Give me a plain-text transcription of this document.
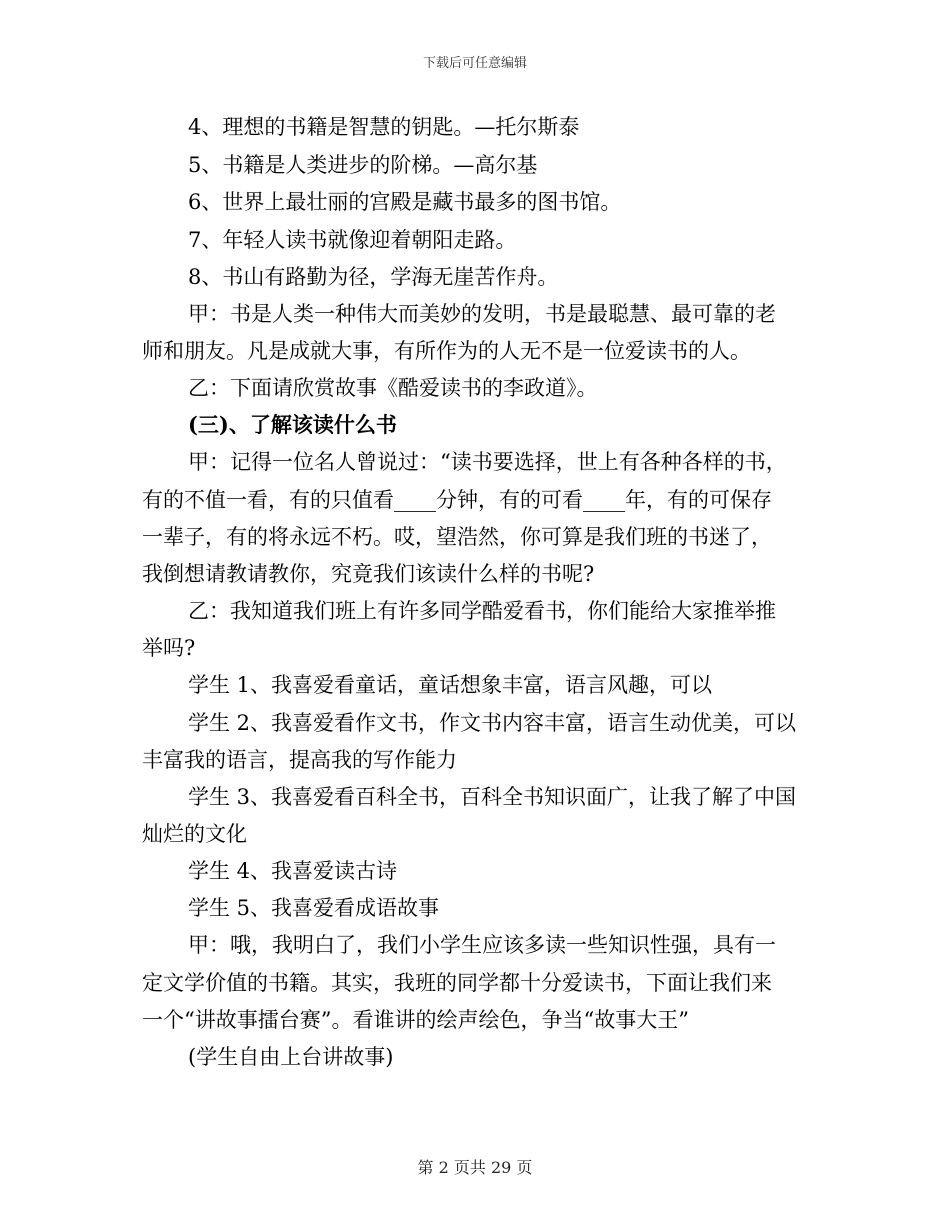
下载后可任意编辑
4、理想的书籍是智慧的钥匙。—托尔斯泰
5、书籍是人类进步的阶梯。—高尔基
6、世界上最壮丽的宫殿是藏书最多的图书馆。
7、年轻人读书就像迎着朝阳走路。
8、书山有路勤为径，学海无崖苦作舟。
甲：书是人类一种伟大而美妙的发明，书是最聪慧、最可靠的老
师和朋友。凡是成就大事，有所作为的人无不是一位爱读书的人。
乙：下面请欣赏故事《酷爱读书的李政道》。
(三)、了解该读什么书
甲：记得一位名人曾说过：“读书要选择，世上有各种各样的书，
有的不值一看，有的只值看____分钟，有的可看____年，有的可保存
一辈子，有的将永远不朽。哎，望浩然，你可算是我们班的书迷了，
我倒想请教请教你，究竟我们该读什么样的书呢?
乙：我知道我们班上有许多同学酷爱看书，你们能给大家推举推
举吗?
学生 1、我喜爱看童话，童话想象丰富，语言风趣，可以
学生 2、我喜爱看作文书，作文书内容丰富，语言生动优美，可以
丰富我的语言，提高我的写作能力
学生 3、我喜爱看百科全书，百科全书知识面广，让我了解了中国
灿烂的文化
学生 4、我喜爱读古诗
学生 5、我喜爱看成语故事
甲：哦，我明白了，我们小学生应该多读一些知识性强，具有一
定文学价值的书籍。其实，我班的同学都十分爱读书，下面让我们来
一个“讲故事擂台赛”。看谁讲的绘声绘色，争当“故事大王”
(学生自由上台讲故事)
第 2 页共 29 页
